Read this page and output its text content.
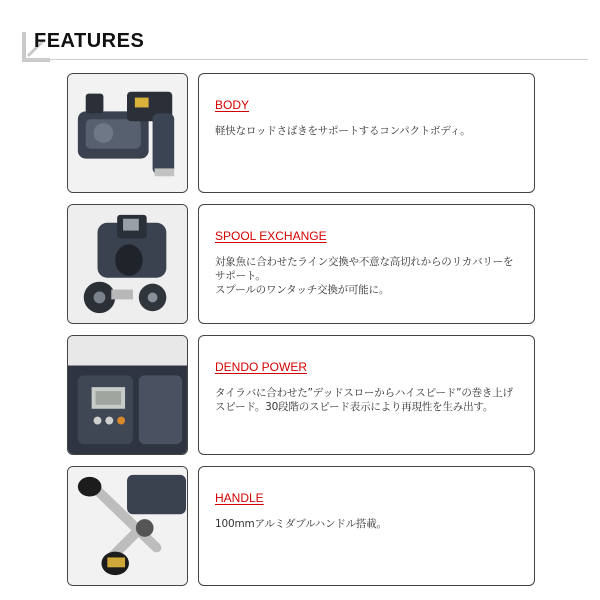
FEATURES
BODY
軽快なロッドさばきをサポートするコンパクトボディ。
SPOOL EXCHANGE
対象魚に合わせたライン交換や不意な高切れからのリカバリーをサポート。
スプールのワンタッチ交換が可能に。
DENDO POWER
タイラバに合わせた”デッドスローからハイスピード”の巻き上げスピード。30段階のスピード表示により再現性を生み出す。
HANDLE
100mmアルミダブルハンドル搭載。
